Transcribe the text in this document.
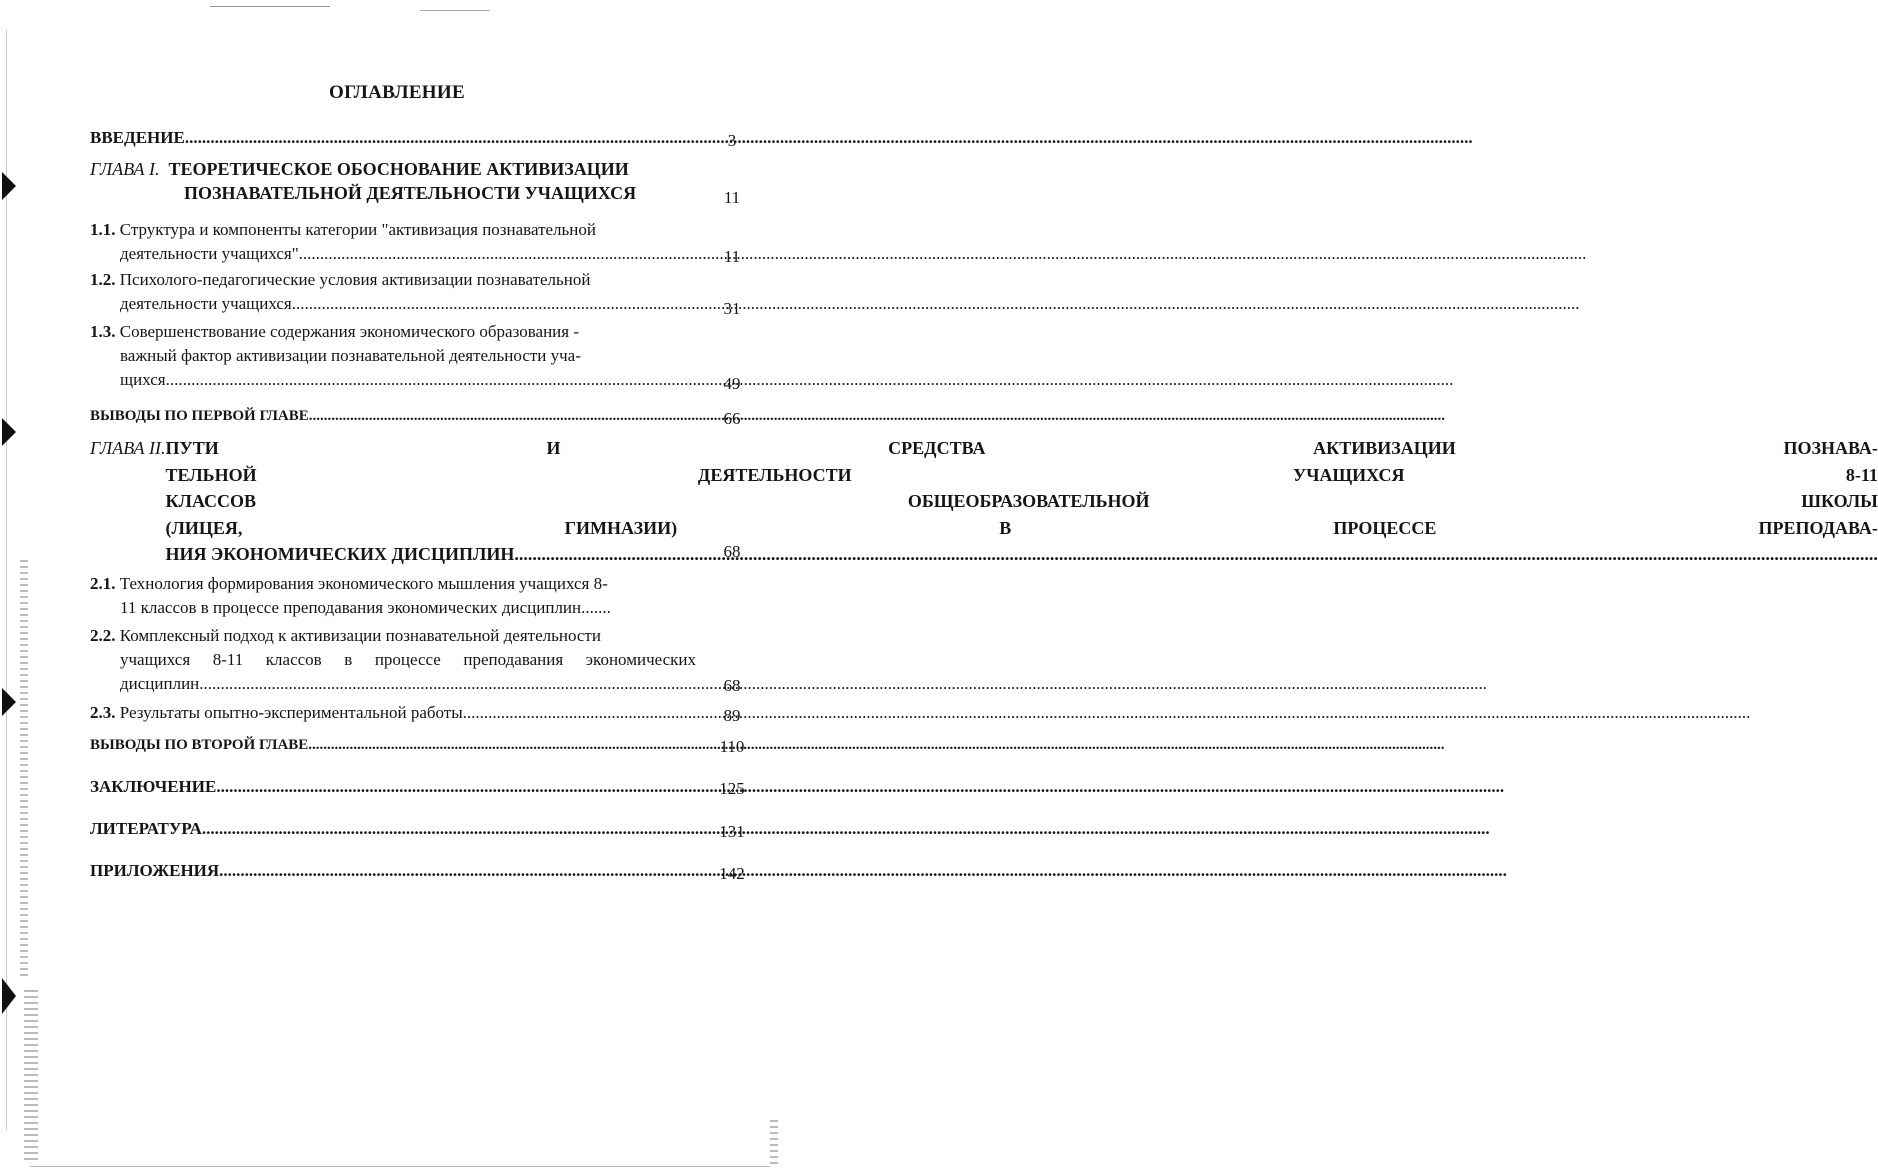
ОГЛАВЛЕНИЕ
ВВЕДЕНИЕ .....	3
ГЛАВА I. ТЕОРЕТИЧЕСКОЕ ОБОСНОВАНИЕ АКТИВИЗАЦИИ
ПОЗНАВАТЕЛЬНОЙ ДЕЯТЕЛЬНОСТИ УЧАЩИХСЯ	11
1.1. Структура и компоненты категории "активизация познавательной
деятельности учащихся" .....	11
1.2. Психолого-педагогические условия активизации познавательной
деятельности учащихся .....	31
1.3. Совершенствование содержания экономического образования -
важный фактор активизации познавательной деятельности уча-
щихся .....	49
ВЫВОДЫ ПО ПЕРВОЙ ГЛАВЕ .....	66
ГЛАВА II. ПУТИ И СРЕДСТВА АКТИВИЗАЦИИ ПОЗНАВА-
ТЕЛЬНОЙ ДЕЯТЕЛЬНОСТИ УЧАЩИХСЯ 8-11
КЛАССОВ ОБЩЕОБРАЗОВАТЕЛЬНОЙ ШКОЛЫ
(ЛИЦЕЯ, ГИМНАЗИИ) В ПРОЦЕССЕ ПРЕПОДАВА-
НИЯ ЭКОНОМИЧЕСКИХ ДИСЦИПЛИН .....	68
2.1. Технология формирования экономического мышления учащихся 8-
11 классов в процессе преподавания экономических дисциплин.......
2.2. Комплексный подход к активизации познавательной деятельности
учащихся 8-11 классов в процессе преподавания экономических
дисциплин .....	68
2.3. Результаты опытно-экспериментальной работы .....	89
ВЫВОДЫ ПО ВТОРОЙ ГЛАВЕ .....	110
ЗАКЛЮЧЕНИЕ .....	125
ЛИТЕРАТУРА .....	131
ПРИЛОЖЕНИЯ .....	142
